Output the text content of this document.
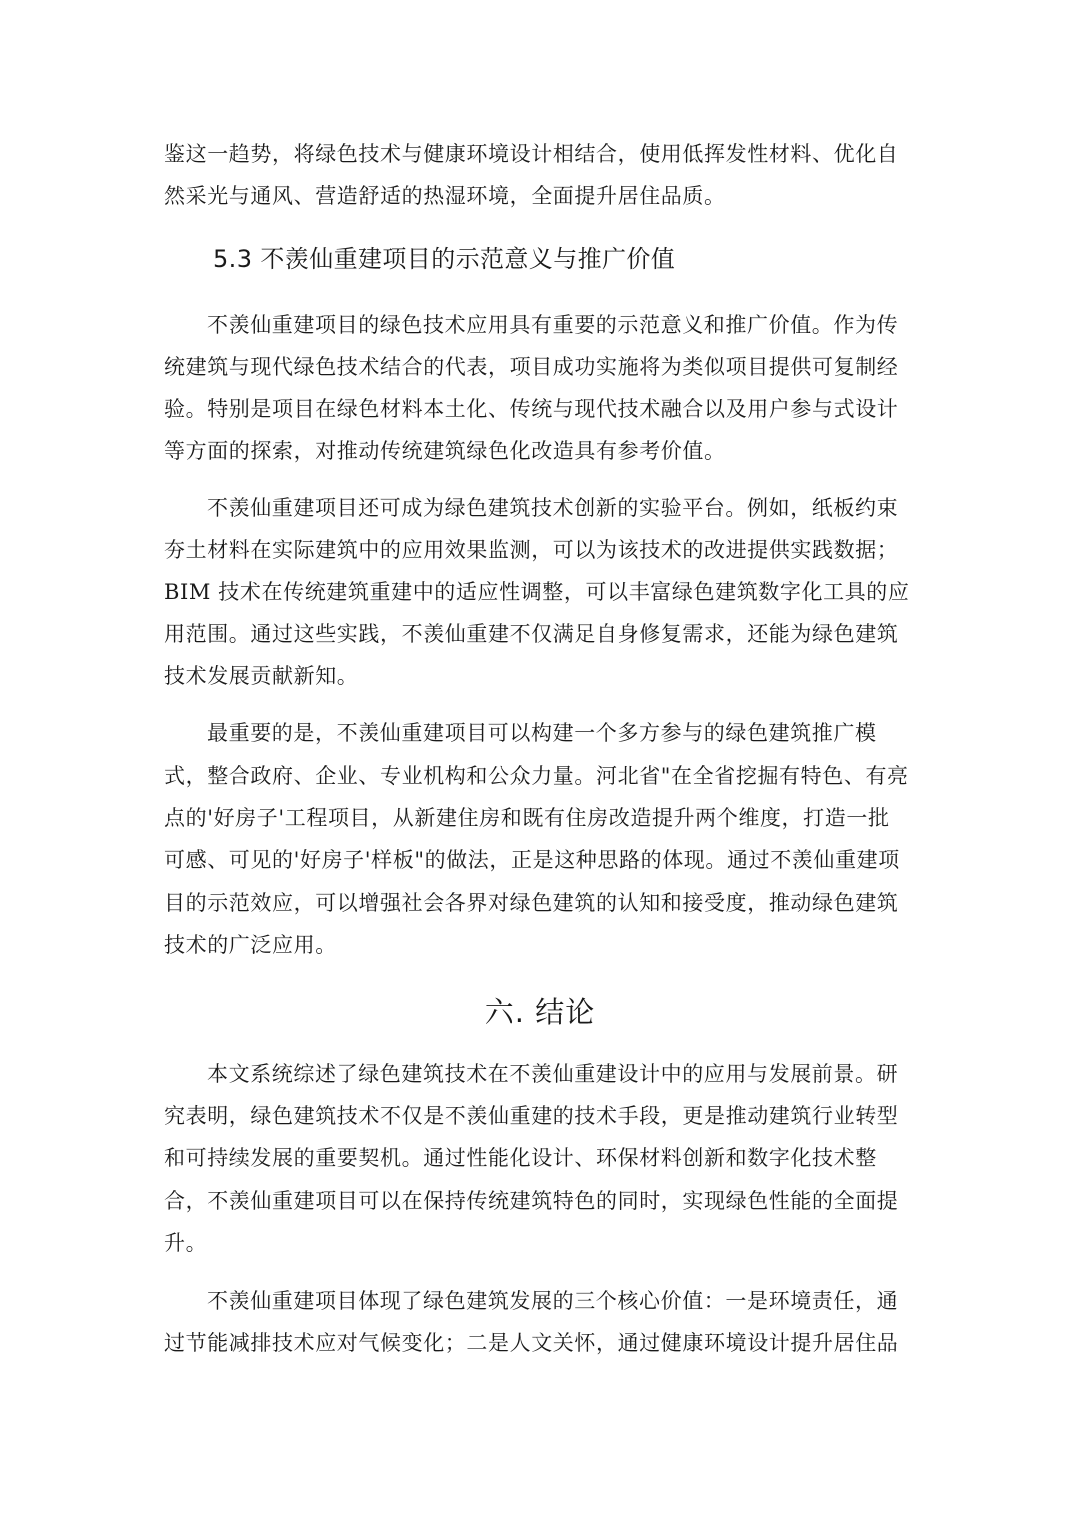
鉴这一趋势，将绿色技术与健康环境设计相结合，使用低挥发性材料、优化自
然采光与通风、营造舒适的热湿环境，全面提升居住品质。
5.3 不羡仙重建项目的示范意义与推广价值
不羡仙重建项目的绿色技术应用具有重要的示范意义和推广价值。作为传
统建筑与现代绿色技术结合的代表，项目成功实施将为类似项目提供可复制经
验。特别是项目在绿色材料本土化、传统与现代技术融合以及用户参与式设计
等方面的探索，对推动传统建筑绿色化改造具有参考价值。
不羡仙重建项目还可成为绿色建筑技术创新的实验平台。例如，纸板约束
夯土材料在实际建筑中的应用效果监测，可以为该技术的改进提供实践数据；
BIM 技术在传统建筑重建中的适应性调整，可以丰富绿色建筑数字化工具的应
用范围。通过这些实践，不羡仙重建不仅满足自身修复需求，还能为绿色建筑
技术发展贡献新知。
最重要的是，不羡仙重建项目可以构建一个多方参与的绿色建筑推广模
式，整合政府、企业、专业机构和公众力量。河北省"在全省挖掘有特色、有亮
点的'好房子'工程项目，从新建住房和既有住房改造提升两个维度，打造一批
可感、可见的'好房子'样板"的做法，正是这种思路的体现。通过不羡仙重建项
目的示范效应，可以增强社会各界对绿色建筑的认知和接受度，推动绿色建筑
技术的广泛应用。
六. 结论
本文系统综述了绿色建筑技术在不羡仙重建设计中的应用与发展前景。研
究表明，绿色建筑技术不仅是不羡仙重建的技术手段，更是推动建筑行业转型
和可持续发展的重要契机。通过性能化设计、环保材料创新和数字化技术整
合，不羡仙重建项目可以在保持传统建筑特色的同时，实现绿色性能的全面提
升。
不羡仙重建项目体现了绿色建筑发展的三个核心价值：一是环境责任，通
过节能减排技术应对气候变化；二是人文关怀，通过健康环境设计提升居住品
